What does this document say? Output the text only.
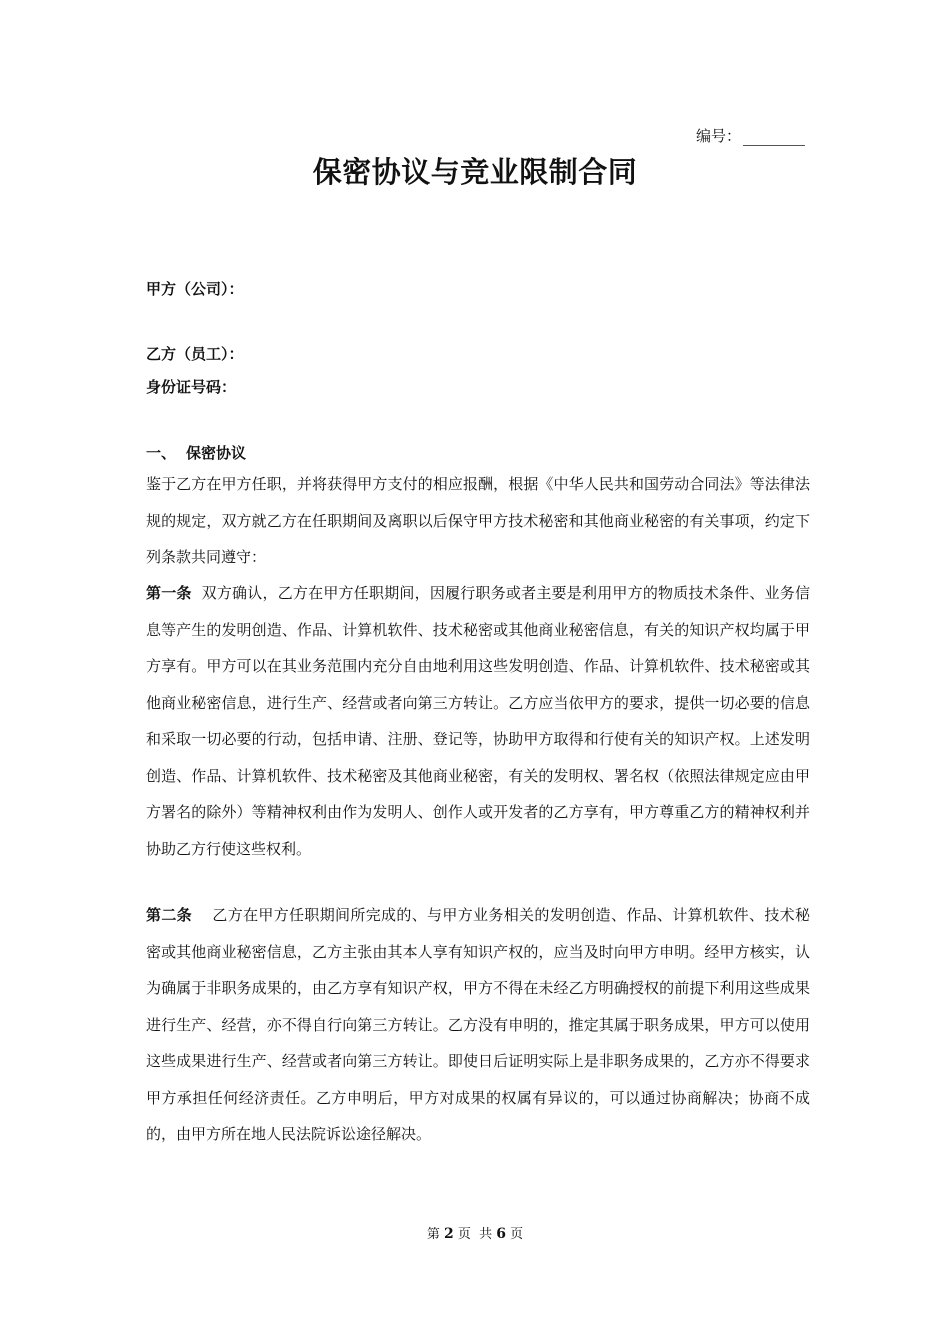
编号：
保密协议与竞业限制合同
甲方（公司）：
乙方（员工）：
身份证号码：
一、 保密协议
鉴于乙方在甲方任职，并将获得甲方支付的相应报酬，根据《中华人民共和国劳动合同法》等法律法规的规定，双方就乙方在任职期间及离职以后保守甲方技术秘密和其他商业秘密的有关事项，约定下列条款共同遵守：
第一条 双方确认，乙方在甲方任职期间，因履行职务或者主要是利用甲方的物质技术条件、业务信息等产生的发明创造、作品、计算机软件、技术秘密或其他商业秘密信息，有关的知识产权均属于甲方享有。甲方可以在其业务范围内充分自由地利用这些发明创造、作品、计算机软件、技术秘密或其他商业秘密信息，进行生产、经营或者向第三方转让。乙方应当依甲方的要求，提供一切必要的信息和采取一切必要的行动，包括申请、注册、登记等，协助甲方取得和行使有关的知识产权。上述发明创造、作品、计算机软件、技术秘密及其他商业秘密，有关的发明权、署名权（依照法律规定应由甲方署名的除外）等精神权利由作为发明人、创作人或开发者的乙方享有，甲方尊重乙方的精神权利并协助乙方行使这些权利。
第二条 乙方在甲方任职期间所完成的、与甲方业务相关的发明创造、作品、计算机软件、技术秘密或其他商业秘密信息，乙方主张由其本人享有知识产权的，应当及时向甲方申明。经甲方核实，认为确属于非职务成果的，由乙方享有知识产权，甲方不得在未经乙方明确授权的前提下利用这些成果进行生产、经营，亦不得自行向第三方转让。乙方没有申明的，推定其属于职务成果，甲方可以使用这些成果进行生产、经营或者向第三方转让。即使日后证明实际上是非职务成果的，乙方亦不得要求甲方承担任何经济责任。乙方申明后，甲方对成果的权属有异议的，可以通过协商解决；协商不成的，由甲方所在地人民法院诉讼途径解决。
第 2 页  共 6 页
